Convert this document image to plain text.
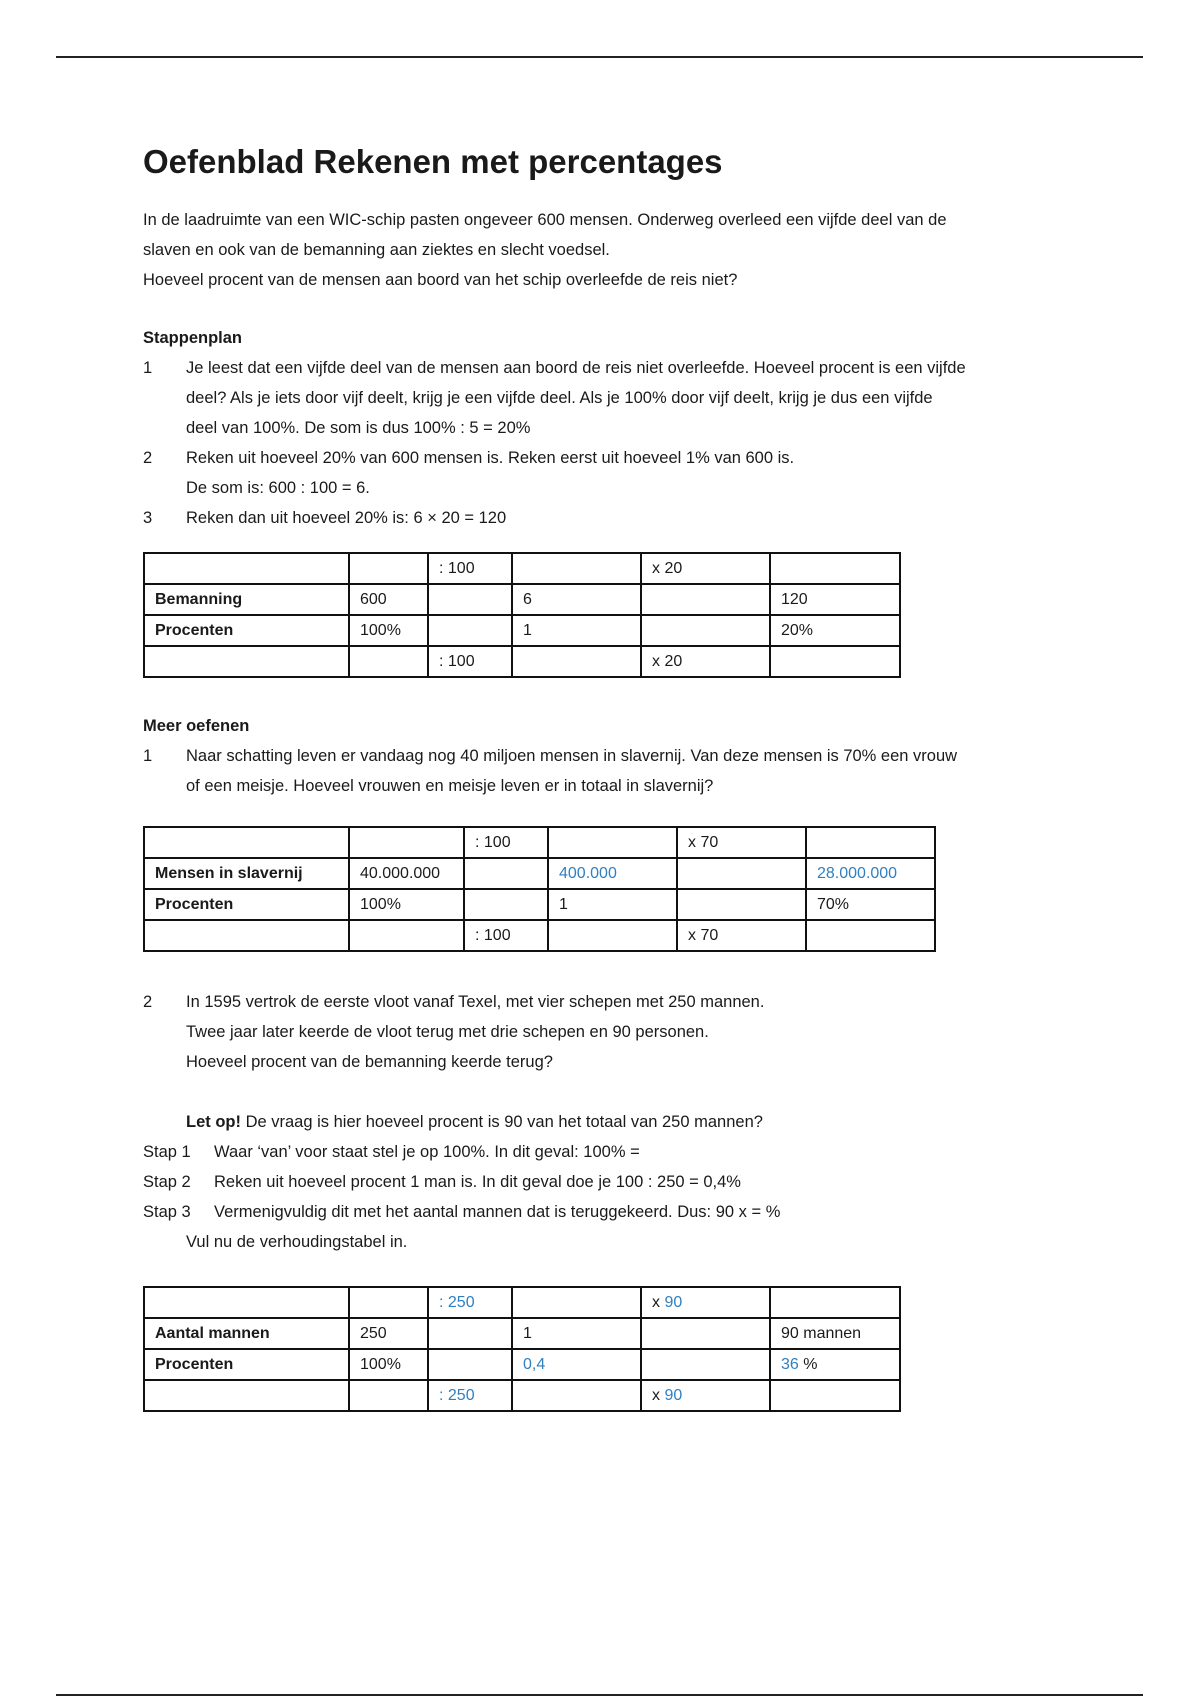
Oefenblad Rekenen met percentages

In de laadruimte van een WIC-schip pasten ongeveer 600 mensen. Onderweg overleed een vijfde deel van de

slaven en ook van de bemanning aan ziektes en slecht voedsel.

Hoeveel procent van de mensen aan boord van het schip overleefde de reis niet?

Stappenplan
1	Je leest dat een vijfde deel van de mensen aan boord de reis niet overleefde. Hoeveel procent is een vijfde
deel? Als je iets door vijf deelt, krijg je een vijfde deel. Als je 100% door vijf deelt, krijg je dus een vijfde
deel van 100%. De som is dus 100% : 5 = 20%
2	Reken uit hoeveel 20% van 600 mensen is. Reken eerst uit hoeveel 1% van 600 is.
De som is: 600 : 100 = 6.
3	Reken dan uit hoeveel 20% is: 6 × 20 = 120
		: 100		x 20	
Bemanning	600		6		120
Procenten	100%		1		20%
		: 100		x 20	
Meer oefenen
1	Naar schatting leven er vandaag nog 40 miljoen mensen in slavernij. Van deze mensen is 70% een vrouw
of een meisje. Hoeveel vrouwen en meisje leven er in totaal in slavernij?
		: 100		x 70	
Mensen in slavernij	40.000.000		400.000		28.000.000
Procenten	100%		1		70%
		: 100		x 70	
2	In 1595 vertrok de eerste vloot vanaf Texel, met vier schepen met 250 mannen.
Twee jaar later keerde de vloot terug met drie schepen en 90 personen.
Hoeveel procent van de bemanning keerde terug?
Let op! De vraag is hier hoeveel procent is 90 van het totaal van 250 mannen?
Stap 1	Waar ‘van’ voor staat stel je op 100%. In dit geval: 100% =
Stap 2	Reken uit hoeveel procent 1 man is. In dit geval doe je 100 : 250 = 0,4%
Stap 3	Vermenigvuldig dit met het aantal mannen dat is teruggekeerd. Dus: 90 x = %
Vul nu de verhoudingstabel in.
		: 250		x 90	
Aantal mannen	250		1		90 mannen
Procenten	100%		0,4		36 %
		: 250		x 90	
